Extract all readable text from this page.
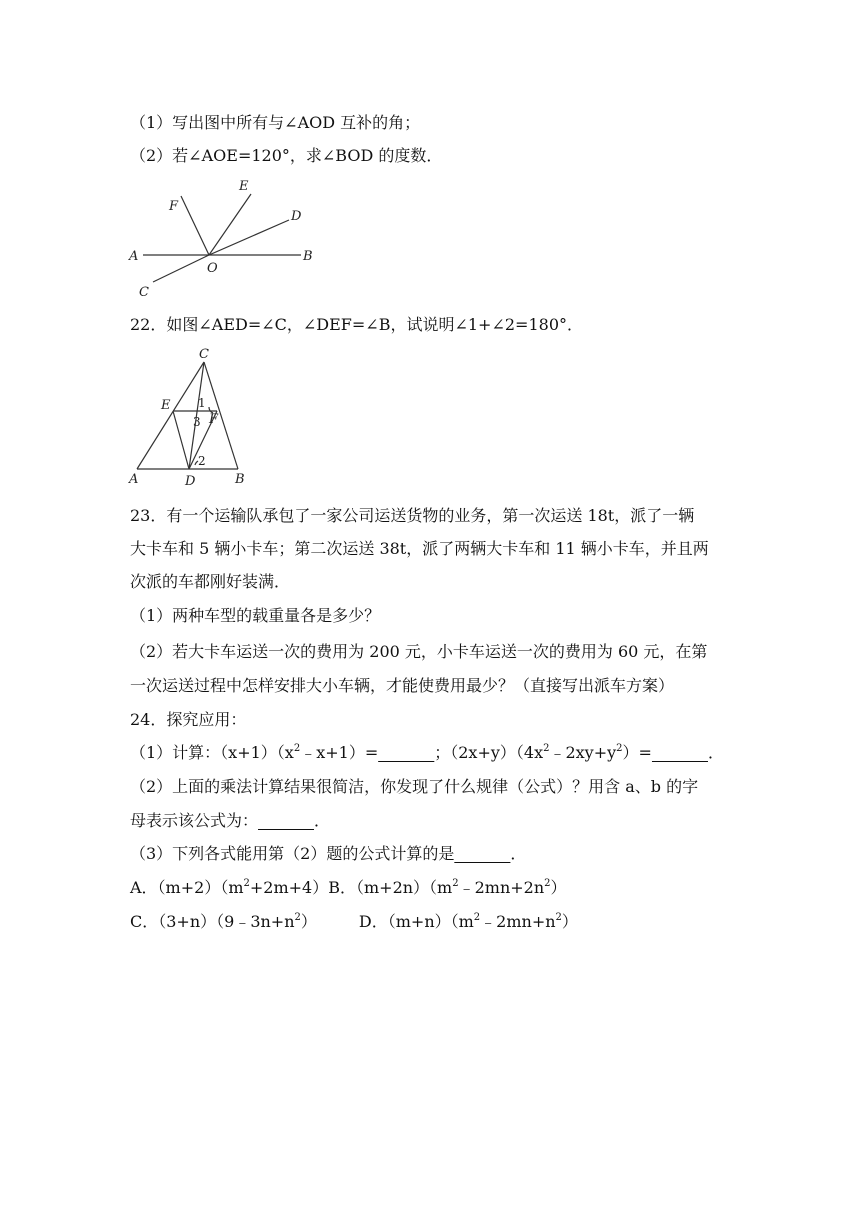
（1）写出图中所有与∠AOD 互补的角；
（2）若∠AOE=120°，求∠BOD 的度数．
A	B
C
D
E
F
O
22．如图∠AED=∠C，∠DEF=∠B，试说明∠1+∠2=180°．
C
E
F
A	D	B
1
3
2
23．有一个运输队承包了一家公司运送货物的业务，第一次运送 18t，派了一辆
大卡车和 5 辆小卡车；第二次运送 38t，派了两辆大卡车和 11 辆小卡车，并且两
次派的车都刚好装满．
（1）两种车型的载重量各是多少？
（2）若大卡车运送一次的费用为 200 元，小卡车运送一次的费用为 60 元，在第
一次运送过程中怎样安排大小车辆，才能使费用最少？（直接写出派车方案）
24．探究应用：
（1）计算：$(x+1)(x^2﹣x+1)=\_\_\_\_\_\_\_$；$(2x+y)(4x^2﹣2xy+y^2)=\_\_\_\_\_\_\_$．
（2）上面的乘法计算结果很简洁，你发现了什么规律（公式）？用含 a、b 的字
母表示该公式为：_______．
（3）下列各式能用第（2）题的公式计算的是_______．
A．$(m+2)(m^2+2m+4)B$．$(m+2n)(m^2﹣2mn+2n^2)$
C．$(3+n)(9﹣3n+n^2)$	D．$(m+n)(m^2﹣2mn+n^2)$
